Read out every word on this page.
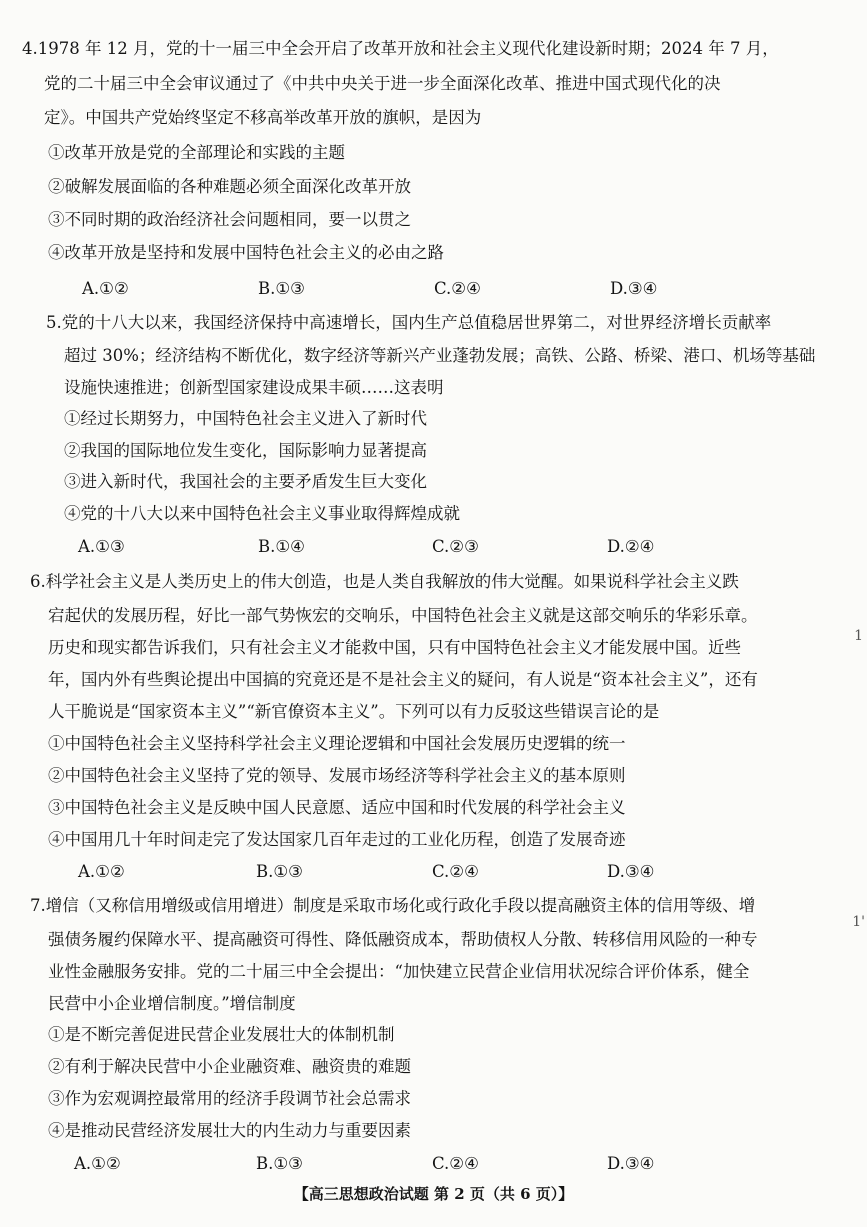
4.1978 年 12 月，党的十一届三中全会开启了改革开放和社会主义现代化建设新时期；2024 年 7 月，
党的二十届三中全会审议通过了《中共中央关于进一步全面深化改革、推进中国式现代化的决
定》。中国共产党始终坚定不移高举改革开放的旗帜，是因为
①改革开放是党的全部理论和实践的主题
②破解发展面临的各种难题必须全面深化改革开放
③不同时期的政治经济社会问题相同，要一以贯之
④改革开放是坚持和发展中国特色社会主义的必由之路
A.①②	B.①③	C.②④	D.③④
5.党的十八大以来，我国经济保持中高速增长，国内生产总值稳居世界第二，对世界经济增长贡献率
超过 30%；经济结构不断优化，数字经济等新兴产业蓬勃发展；高铁、公路、桥梁、港口、机场等基础
设施快速推进；创新型国家建设成果丰硕……这表明
①经过长期努力，中国特色社会主义进入了新时代
②我国的国际地位发生变化，国际影响力显著提高
③进入新时代，我国社会的主要矛盾发生巨大变化
④党的十八大以来中国特色社会主义事业取得辉煌成就
A.①③	B.①④	C.②③	D.②④
6.科学社会主义是人类历史上的伟大创造，也是人类自我解放的伟大觉醒。如果说科学社会主义跌
宕起伏的发展历程，好比一部气势恢宏的交响乐，中国特色社会主义就是这部交响乐的华彩乐章。
历史和现实都告诉我们，只有社会主义才能救中国，只有中国特色社会主义才能发展中国。近些
年，国内外有些舆论提出中国搞的究竟还是不是社会主义的疑问，有人说是“资本社会主义”，还有
人干脆说是“国家资本主义”“新官僚资本主义”。下列可以有力反驳这些错误言论的是
①中国特色社会主义坚持科学社会主义理论逻辑和中国社会发展历史逻辑的统一
②中国特色社会主义坚持了党的领导、发展市场经济等科学社会主义的基本原则
③中国特色社会主义是反映中国人民意愿、适应中国和时代发展的科学社会主义
④中国用几十年时间走完了发达国家几百年走过的工业化历程，创造了发展奇迹
A.①②	B.①③	C.②④	D.③④
7.增信（又称信用增级或信用增进）制度是采取市场化或行政化手段以提高融资主体的信用等级、增
强债务履约保障水平、提高融资可得性、降低融资成本，帮助债权人分散、转移信用风险的一种专
业性金融服务安排。党的二十届三中全会提出：“加快建立民营企业信用状况综合评价体系，健全
民营中小企业增信制度。”增信制度
①是不断完善促进民营企业发展壮大的体制机制
②有利于解决民营中小企业融资难、融资贵的难题
③作为宏观调控最常用的经济手段调节社会总需求
④是推动民营经济发展壮大的内生动力与重要因素
A.①②	B.①③	C.②④	D.③④
1
1'
【高三思想政治试题 第 2 页（共 6 页）】
